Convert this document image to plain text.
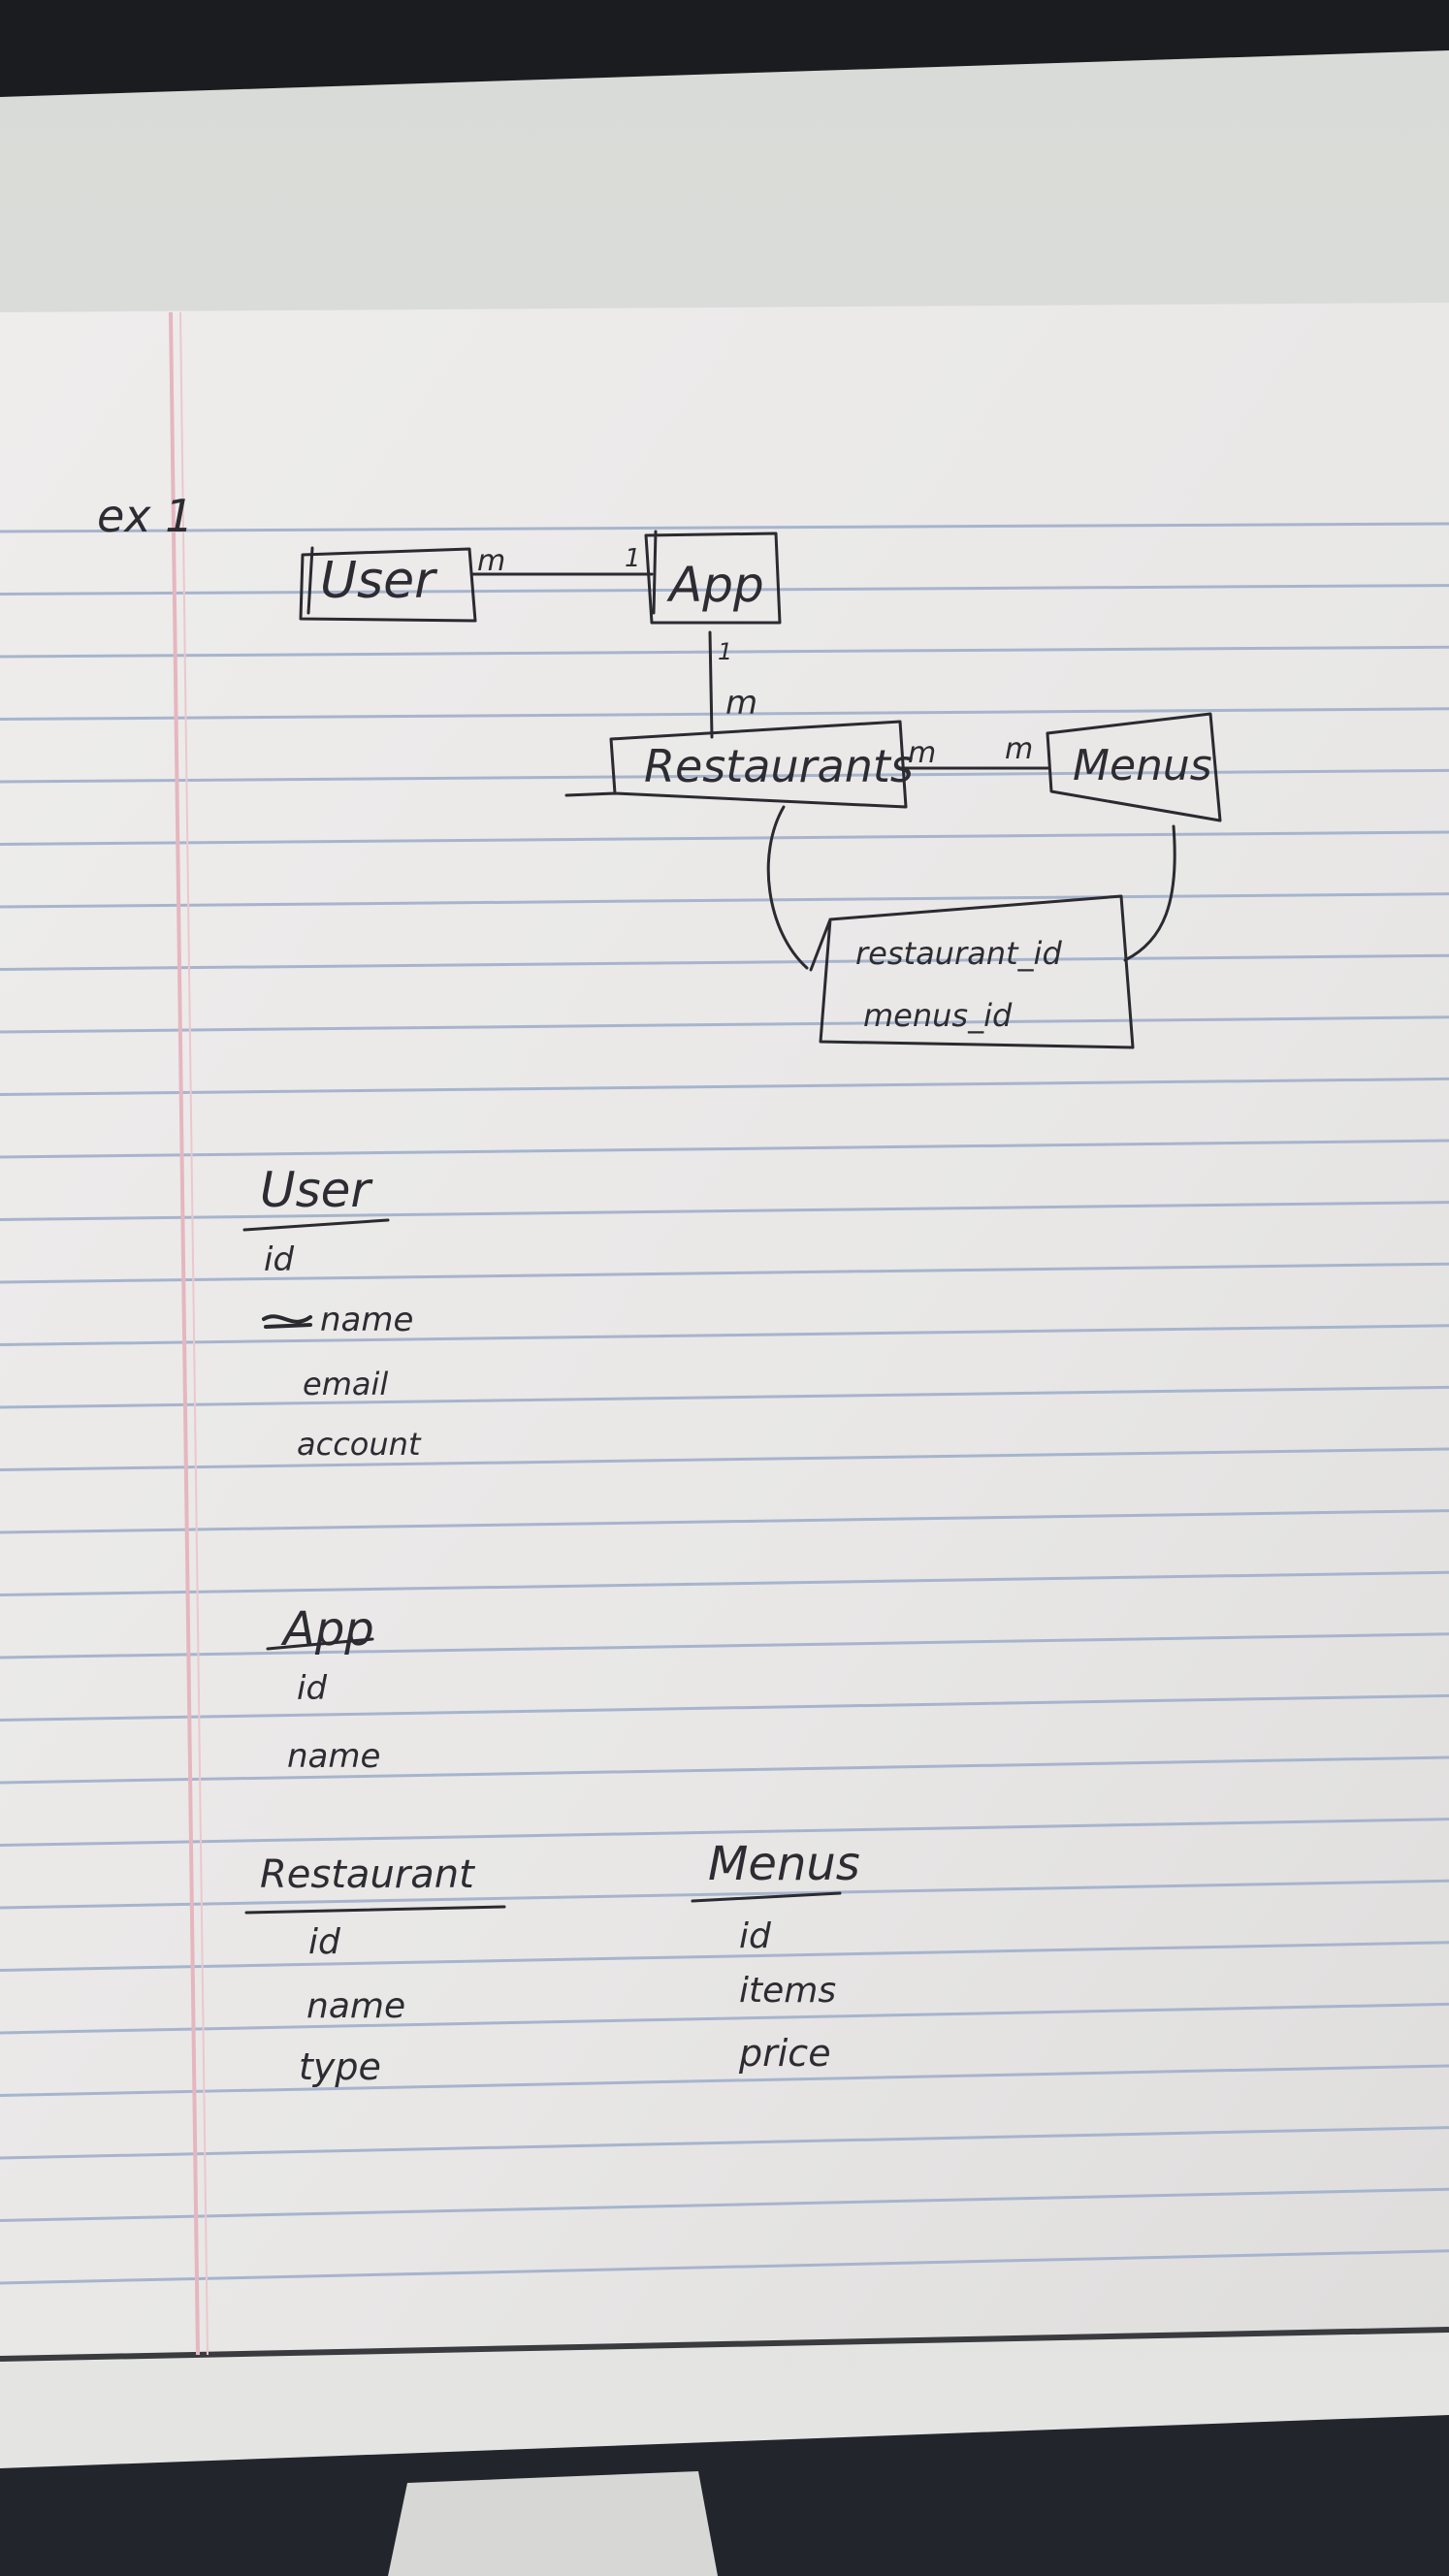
ex 1
User	App
m	1
1
m
Restaurants
m m Menus
restaurant_id
menus_id
User
id
name
email
account
App
id
name
Restaurant
id
name
type
Menus
id
items
price
